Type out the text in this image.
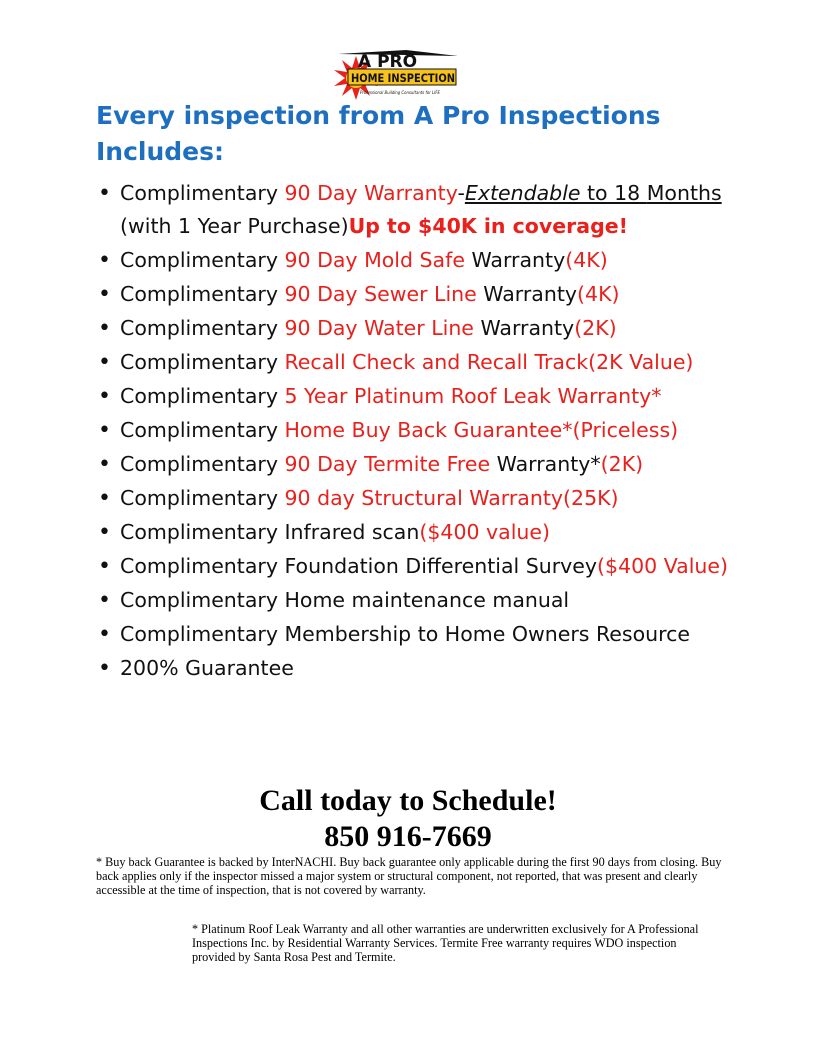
A PRO
HOME INSPECTION
Professional Building Consultants for LIFE
Every inspection from A Pro Inspections Includes:
• Complimentary 90 Day Warranty-Extendable to 18 Months (with 1 Year Purchase)Up to $40K in coverage!
• Complimentary 90 Day Mold Safe Warranty(4K)
• Complimentary 90 Day Sewer Line Warranty(4K)
• Complimentary 90 Day Water Line Warranty(2K)
• Complimentary Recall Check and Recall Track(2K Value)
• Complimentary 5 Year Platinum Roof Leak Warranty*
• Complimentary Home Buy Back Guarantee*(Priceless)
• Complimentary 90 Day Termite Free Warranty*(2K)
• Complimentary 90 day Structural Warranty(25K)
• Complimentary Infrared scan($400 value)
• Complimentary Foundation Differential Survey($400 Value)
• Complimentary Home maintenance manual
• Complimentary Membership to Home Owners Resource
• 200% Guarantee
Call today to Schedule!
850 916-7669

* Buy back Guarantee is backed by InterNACHI. Buy back guarantee only applicable during the first 90 days from closing. Buy back applies only if the inspector missed a major system or structural component, not reported, that was present and clearly accessible at the time of inspection, that is not covered by warranty.

* Platinum Roof Leak Warranty and all other warranties are underwritten exclusively for A Professional Inspections Inc. by Residential Warranty Services. Termite Free warranty requires WDO inspection provided by Santa Rosa Pest and Termite.
